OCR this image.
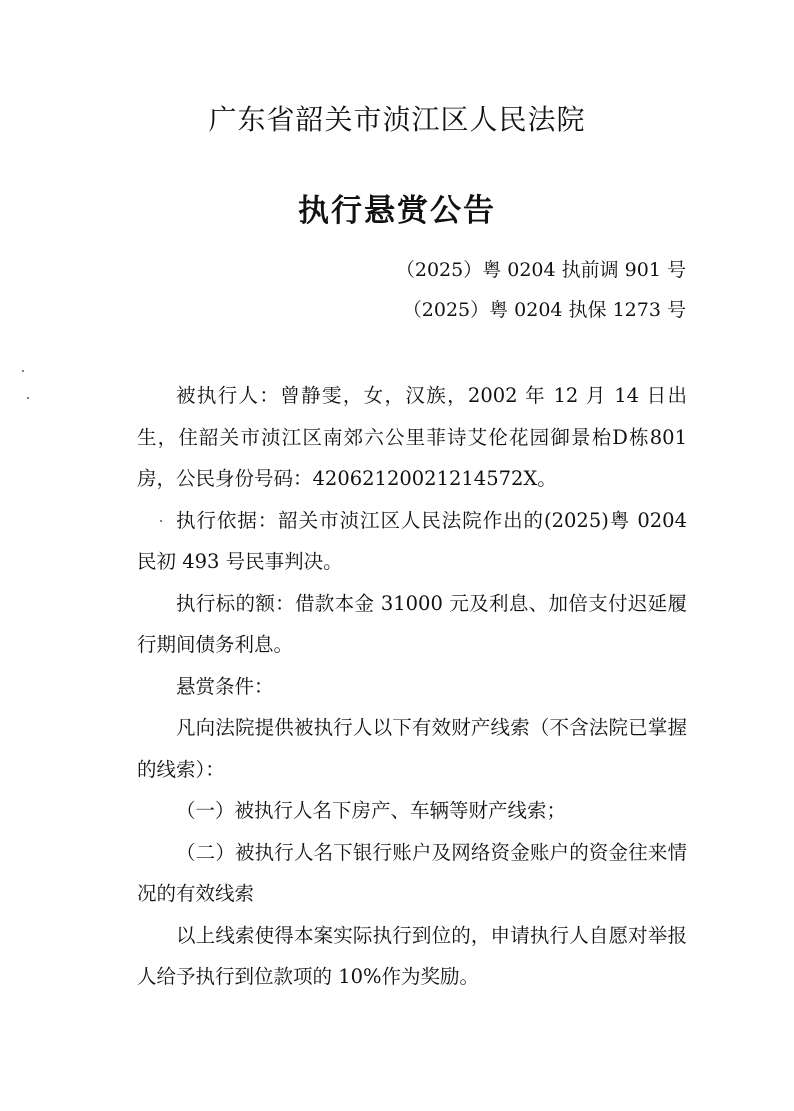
广东省韶关市浈江区人民法院
执行悬赏公告
（2025）粤 0204 执前调 901 号
（2025）粤 0204 执保 1273 号

被执行人：曾静雯，女，汉族，2002 年 12 月 14 日出生，住韶关市浈江区南郊六公里菲诗艾伦花园御景枱D栋801房，公民身份号码：42062120021214572X。

执行依据：韶关市浈江区人民法院作出的(2025)粤 0204 民初 493 号民事判决。

执行标的额：借款本金 31000 元及利息、加倍支付迟延履行期间债务利息。

悬赏条件：

凡向法院提供被执行人以下有效财产线索（不含法院已掌握的线索）：

（一）被执行人名下房产、车辆等财产线索；

（二）被执行人名下银行账户及网络资金账户的资金往来情况的有效线索

以上线索使得本案实际执行到位的，申请执行人自愿对举报人给予执行到位款项的 10%作为奖励。
